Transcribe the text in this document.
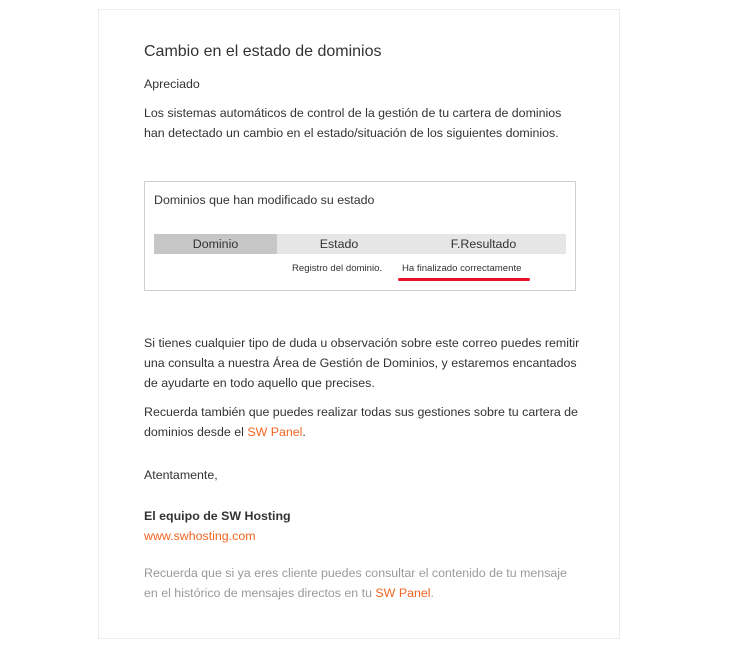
Cambio en el estado de dominios
Apreciado
Los sistemas automáticos de control de la gestión de tu cartera de dominios han detectado un cambio en el estado/situación de los siguientes dominios.
Dominios que han modificado su estado
Dominio	Estado	F.Resultado
Registro del dominio. Ha finalizado correctamente
Si tienes cualquier tipo de duda u observación sobre este correo puedes remitir una consulta a nuestra Área de Gestión de Dominios, y estaremos encantados de ayudarte en todo aquello que precises.
Recuerda también que puedes realizar todas sus gestiones sobre tu cartera de dominios desde el SW Panel.
Atentamente,
El equipo de SW Hosting
www.swhosting.com
Recuerda que si ya eres cliente puedes consultar el contenido de tu mensaje en el histórico de mensajes directos en tu SW Panel.
